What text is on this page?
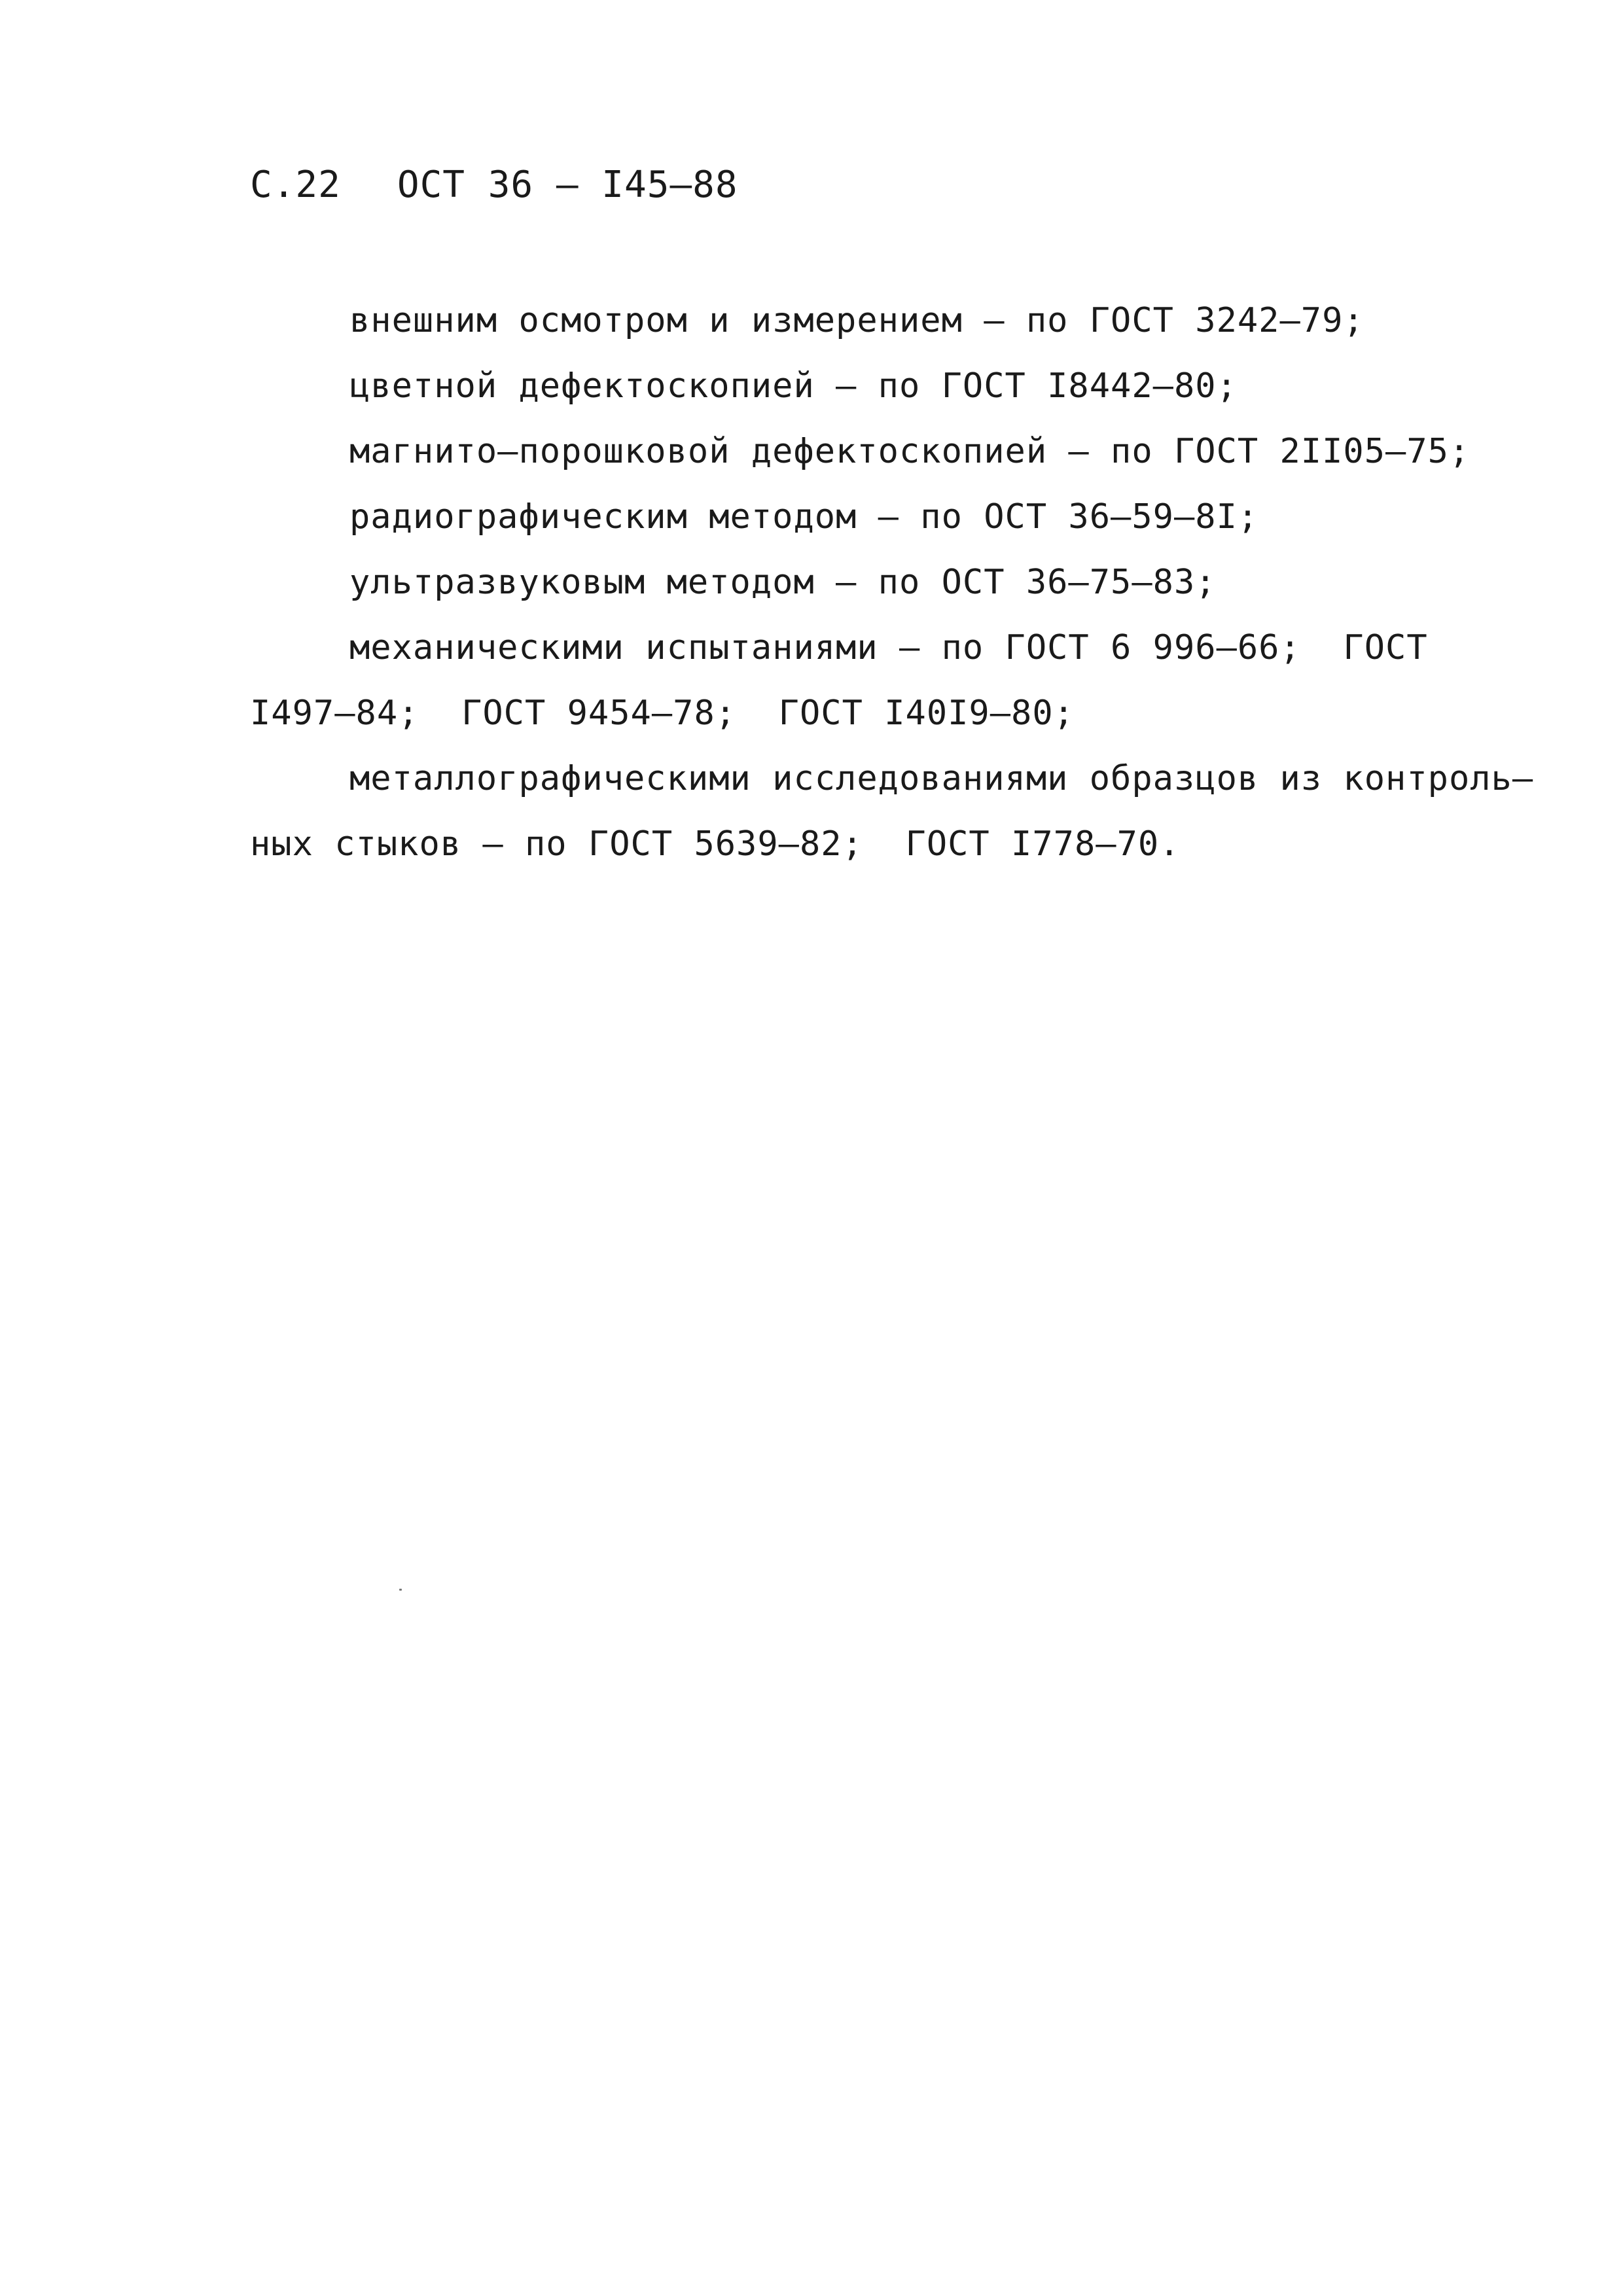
С.22 ОСТ 36 – I45–88
внешним осмотром и измерением – по ГОСТ 3242–79;
цветной дефектоскопией – по ГОСТ I8442–80;
магнито–порошковой дефектоскопией – по ГОСТ 2II05–75;
радиографическим методом – по ОСТ 36–59–8I;
ультразвуковым методом – по ОСТ 36–75–83;
механическими испытаниями – по ГОСТ 6 996–66;  ГОСТ
I497–84;  ГОСТ 9454–78;  ГОСТ I40I9–80;
металлографическими исследованиями образцов из контроль–
ных стыков – по ГОСТ 5639–82;  ГОСТ I778–70.
